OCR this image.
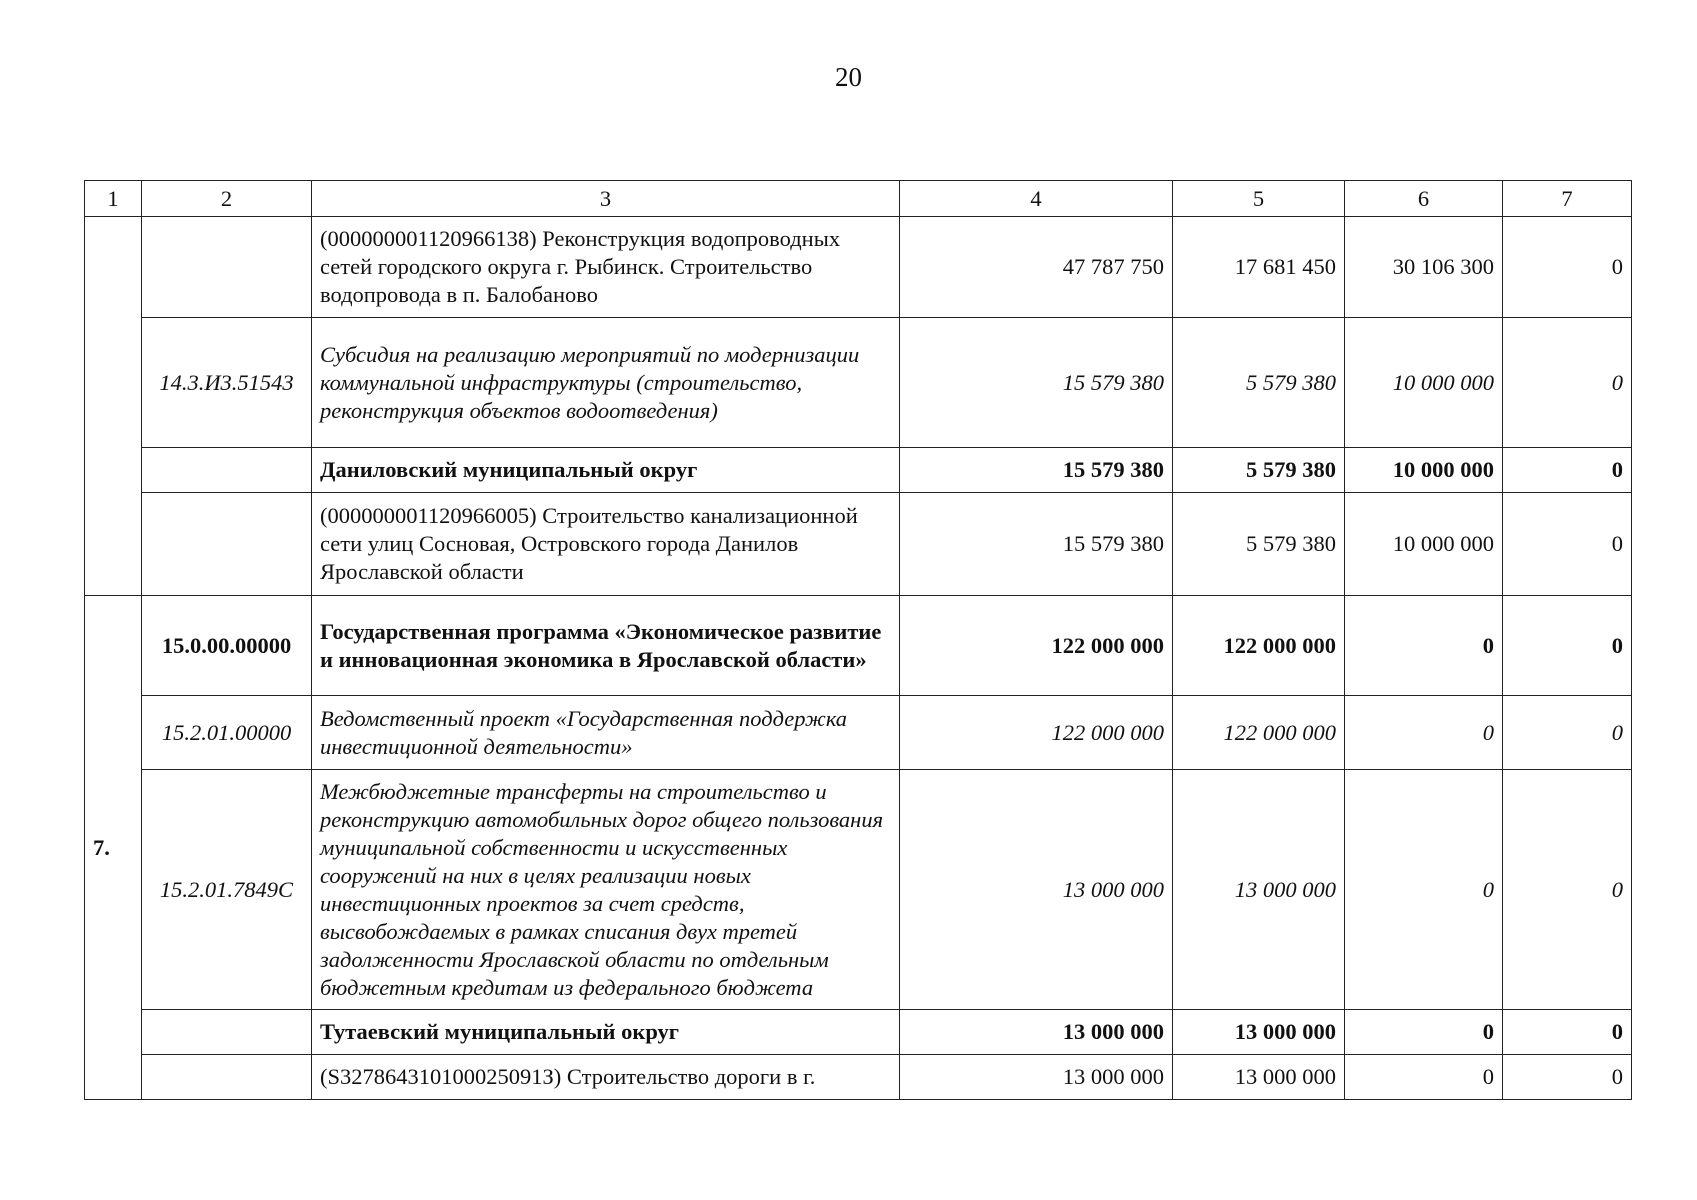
20
1	2	3	4	5	6	7
		(000000001120966138) Реконструкция водопроводных сетей городского округа г. Рыбинск. Строительство водопровода в п. Балобаново	47 787 750	17 681 450	30 106 300	0
	14.3.И3.51543	Субсидия на реализацию мероприятий по модернизации коммунальной инфраструктуры (строительство, реконструкция объектов водоотведения)	15 579 380	5 579 380	10 000 000	0
		Даниловский муниципальный округ	15 579 380	5 579 380	10 000 000	0
		(000000001120966005) Строительство канализационной сети улиц Сосновая, Островского города Данилов Ярославской области	15 579 380	5 579 380	10 000 000	0
7.	15.0.00.00000	Государственная программа «Экономическое развитие и инновационная экономика в Ярославской области»	122 000 000	122 000 000	0	0
	15.2.01.00000	Ведомственный проект «Государственная поддержка инвестиционной деятельности»	122 000 000	122 000 000	0	0
	15.2.01.7849C	Межбюджетные трансферты на строительство и реконструкцию автомобильных дорог общего пользования муниципальной собственности и искусственных сооружений на них в целях реализации новых инвестиционных проектов за счет средств, высвобождаемых в рамках списания двух третей задолженности Ярославской области по отдельным бюджетным кредитам из федерального бюджета	13 000 000	13 000 000	0	0
		Тутаевский муниципальный округ	13 000 000	13 000 000	0	0
		(S327864310100025091З) Строительство дороги в г.	13 000 000	13 000 000	0	0
